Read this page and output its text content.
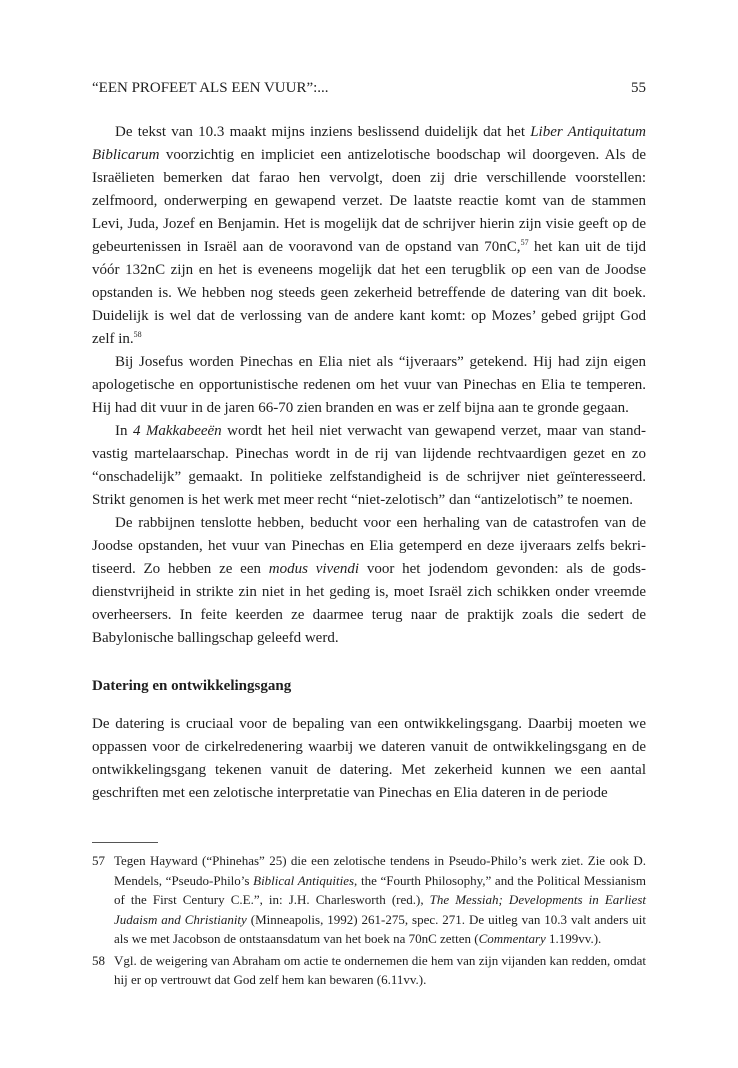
“EEN PROFEET ALS EEN VUUR”:...	55

De tekst van 10.3 maakt mijns inziens beslissend duidelijk dat het Liber Antiquitatum Biblicarum voorzichtig en impliciet een antizelotische boodschap wil doorgeven. Als de Israëlieten bemerken dat farao hen vervolgt, doen zij drie verschillende voorstellen: zelfmoord, onderwerping en gewapend verzet. De laatste reactie komt van de stammen Levi, Juda, Jozef en Benjamin. Het is mogelijk dat de schrijver hierin zijn visie geeft op de gebeurtenissen in Israël aan de vooravond van de opstand van 70nC,$^{57}$ het kan uit de tijd vóór 132nC zijn en het is eveneens mogelijk dat het een terugblik op een van de Joodse opstanden is. We hebben nog steeds geen zekerheid betreffende de datering van dit boek. Duidelijk is wel dat de verlossing van de andere kant komt: op Mozes’ gebed grijpt God zelf in.$^{58}$

Bij Josefus worden Pinechas en Elia niet als “ijveraars” getekend. Hij had zijn eigen apologetische en opportunistische redenen om het vuur van Pinechas en Elia te temperen. Hij had dit vuur in de jaren 66-70 zien branden en was er zelf bijna aan te gronde gegaan.

In 4 Makkabeeën wordt het heil niet verwacht van gewapend verzet, maar van standvastig martelaarschap. Pinechas wordt in de rij van lijdende rechtvaardigen gezet en zo “onschadelijk” gemaakt. In politieke zelfstandigheid is de schrijver niet geïnteresseerd. Strikt genomen is het werk met meer recht “niet-zelotisch” dan “antizelotisch” te noemen.

De rabbijnen tenslotte hebben, beducht voor een herhaling van de catastrofen van de Joodse opstanden, het vuur van Pinechas en Elia getemperd en deze ijveraars zelfs bekritiseerd. Zo hebben ze een modus vivendi voor het jodendom gevonden: als de godsdienstvrijheid in strikte zin niet in het geding is, moet Israël zich schikken onder vreemde overheersers. In feite keerden ze daarmee terug naar de praktijk zoals die sedert de Babylonische ballingschap geleefd werd.

Datering en ontwikkelingsgang

De datering is cruciaal voor de bepaling van een ontwikkelingsgang. Daarbij moeten we oppassen voor de cirkelredenering waarbij we dateren vanuit de ontwikkelingsgang en de ontwikkelingsgang tekenen vanuit de datering. Met zekerheid kunnen we een aantal geschriften met een zelotische interpretatie van Pinechas en Elia dateren in de periode

57 Tegen Hayward (“Phinehas” 25) die een zelotische tendens in Pseudo-Philo’s werk ziet. Zie ook D. Mendels, “Pseudo-Philo’s Biblical Antiquities, the “Fourth Philosophy,” and the Political Messianism of the First Century C.E.”, in: J.H. Charlesworth (red.), The Messiah; Developments in Earliest Judaism and Christianity (Minneapolis, 1992) 261-275, spec. 271. De uitleg van 10.3 valt anders uit als we met Jacobson de ontstaansdatum van het boek na 70nC zetten (Commentary 1.199vv.).
58 Vgl. de weigering van Abraham om actie te ondernemen die hem van zijn vijanden kan redden, omdat hij er op vertrouwt dat God zelf hem kan bewaren (6.11vv.).
